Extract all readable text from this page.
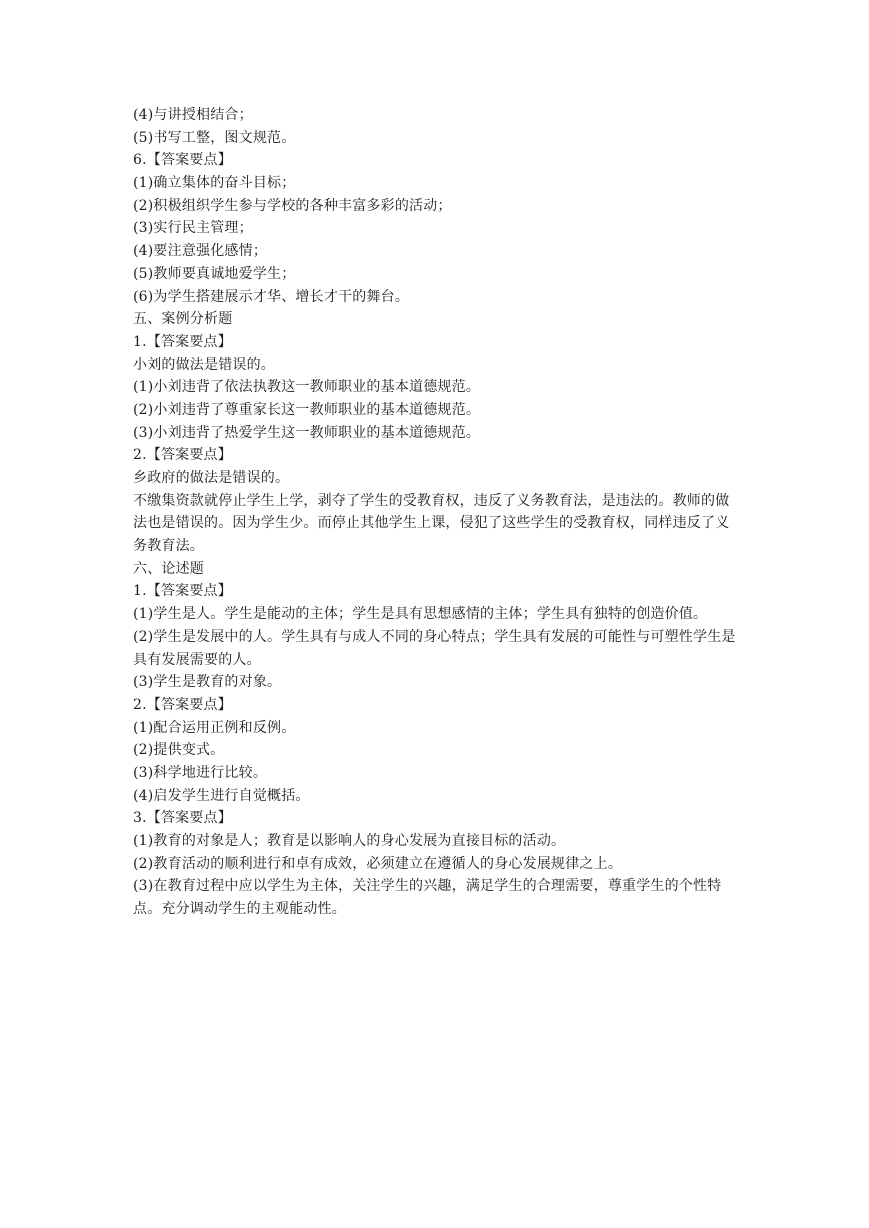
(4)与讲授相结合；
(5)书写工整，图文规范。
6.【答案要点】
(1)确立集体的奋斗目标；
(2)积极组织学生参与学校的各种丰富多彩的活动；
(3)实行民主管理；
(4)要注意强化感情；
(5)教师要真诚地爱学生；
(6)为学生搭建展示才华、增长才干的舞台。
五、案例分析题
1.【答案要点】
小刘的做法是错误的。
(1)小刘违背了依法执教这一教师职业的基本道德规范。
(2)小刘违背了尊重家长这一教师职业的基本道德规范。
(3)小刘违背了热爱学生这一教师职业的基本道德规范。
2.【答案要点】
乡政府的做法是错误的。
不缴集资款就停止学生上学，剥夺了学生的受教育权，违反了义务教育法，是违法的。教师的做法也是错误的。因为学生少。而停止其他学生上课，侵犯了这些学生的受教育权，同样违反了义务教育法。
六、论述题
1.【答案要点】
(1)学生是人。学生是能动的主体；学生是具有思想感情的主体；学生具有独特的创造价值。
(2)学生是发展中的人。学生具有与成人不同的身心特点；学生具有发展的可能性与可塑性学生是具有发展需要的人。
(3)学生是教育的对象。
2.【答案要点】
(1)配合运用正例和反例。
(2)提供变式。
(3)科学地进行比较。
(4)启发学生进行自觉概括。
3.【答案要点】
(1)教育的对象是人；教育是以影响人的身心发展为直接目标的活动。
(2)教育活动的顺利进行和卓有成效，必须建立在遵循人的身心发展规律之上。
(3)在教育过程中应以学生为主体，关注学生的兴趣，满足学生的合理需要，尊重学生的个性特点。充分调动学生的主观能动性。
